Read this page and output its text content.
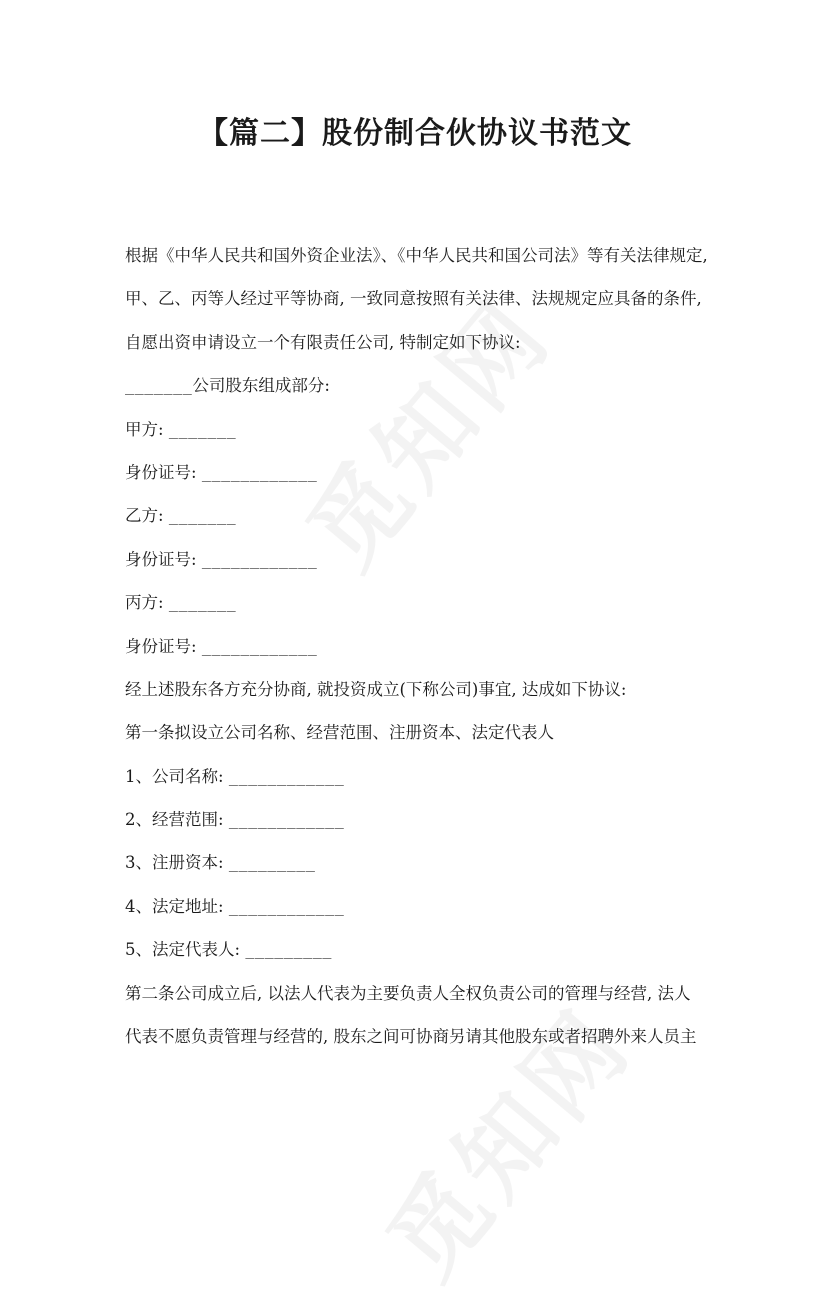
【篇二】股份制合伙协议书范文

根据《中华人民共和国外资企业法》、《中华人民共和国公司法》等有关法律规定,

甲、乙、丙等人经过平等协商, 一致同意按照有关法律、法规规定应具备的条件,

自愿出资申请设立一个有限责任公司, 特制定如下协议:

_______公司股东组成部分:

甲方: _______

身份证号: ____________

乙方: _______

身份证号: ____________

丙方: _______

身份证号: ____________

经上述股东各方充分协商, 就投资成立(下称公司)事宜, 达成如下协议:

第一条拟设立公司名称、经营范围、注册资本、法定代表人

1、公司名称: ____________

2、经营范围: ____________

3、注册资本: _________

4、法定地址: ____________

5、法定代表人: _________

第二条公司成立后, 以法人代表为主要负责人全权负责公司的管理与经营, 法人

代表不愿负责管理与经营的, 股东之间可协商另请其他股东或者招聘外来人员主
